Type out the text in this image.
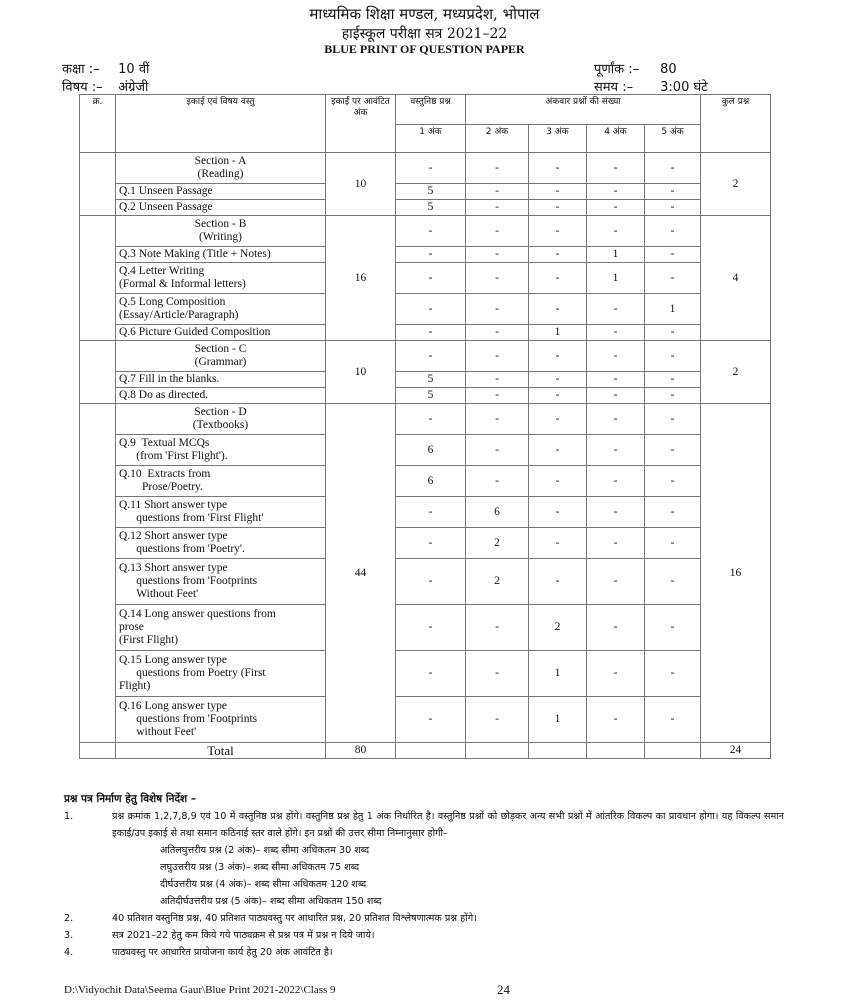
माध्यमिक शिक्षा मण्डल, मध्यप्रदेश, भोपाल
हाईस्कूल परीक्षा सत्र 2021–22
BLUE PRINT OF QUESTION PAPER
कक्षा :– 10 वीं
विषय :– अंग्रेजी
पूर्णांक :– 80
समय :– 3:00 घंटे
क्र.	इकाई एवं विषय वस्तु	इकाई पर आवंटित अंक	वस्तुनिष्ठ प्रश्न	अंकवार प्रश्नों की संख्या				कुल प्रश्न
			1 अंक	2 अंक	3 अंक	4 अंक	5 अंक	
	Section - A
(Reading)	10	-	-	-	-	-	2
	Q.1 Unseen Passage		5	-	-	-	-	
	Q.2 Unseen Passage		5	-	-	-	-	
	Section - B
(Writing)	16	-	-	-	-	-	4
	Q.3 Note Making (Title + Notes)		-	-	-	1	-	
	Q.4 Letter Writing
(Formal & Informal letters)		-	-	-	1	-	
	Q.5 Long Composition
(Essay/Article/Paragraph)		-	-	-	-	1	
	Q.6 Picture Guided Composition		-	-	1	-	-	
	Section - C
(Grammar)	10	-	-	-	-	-	2
	Q.7 Fill in the blanks.		5	-	-	-	-	
	Q.8 Do as directed.		5	-	-	-	-	
	Section - D
(Textbooks)	44	-	-	-	-	-	16
	Q.9  Textual MCQs
(from 'First Flight').		6	-	-	-	-	
	Q.10  Extracts from
Prose/Poetry.		6	-	-	-	-	
	Q.11 Short answer type
questions from 'First Flight'		-	6	-	-	-	
	Q.12 Short answer type
questions from 'Poetry'.		-	2	-	-	-	
	Q.13 Short answer type
questions from 'Footprints
Without Feet'		-	2	-	-	-	
	Q.14 Long answer questions from
prose
(First Flight)		-	-	2	-	-	
	Q.15 Long answer type
questions from Poetry (First
Flight)		-	-	1	-	-	
	Q.16 Long answer type
questions from 'Footprints
without Feet'		-	-	1	-	-	
	Total	80						24
प्रश्न पत्र निर्माण हेतु विशेष निर्देश –
1.	प्रश्न क्रमांक 1,2,7,8,9 एवं 10 में वस्तुनिष्ठ प्रश्न होंगे। वस्तुनिष्ठ प्रश्न हेतु 1 अंक निर्धारित है। वस्तुनिष्ठ प्रश्नों को छोड़कर अन्य सभी प्रश्नों में आंतरिक विकल्प का प्रावधान होगा। यह विकल्प समान इकाई/उप इकाई से तथा समान कठिनाई स्तर वाले होंगे। इन प्रश्नों की उत्तर सीमा निम्नानुसार होगी–
अतिलघुत्तरीय प्रश्न (2 अंक)– शब्द सीमा अधिकतम 30 शब्द
लघुउत्तरीय प्रश्न (3 अंक)– शब्द सीमा अधिकतम 75 शब्द
दीर्घउत्तरीय प्रश्न (4 अंक)– शब्द सीमा अधिकतम 120 शब्द
अतिदीर्घउत्तरीय प्रश्न (5 अंक)– शब्द सीमा अधिकतम 150 शब्द
2.	40 प्रतिशत वस्तुनिष्ठ प्रश्न, 40 प्रतिशत पाठ्यवस्तु पर आधारित प्रश्न, 20 प्रतिशत विश्लेषणात्मक प्रश्न होंगे।
3.	सत्र 2021–22 हेतु कम किये गये पाठ्यक्रम से प्रश्न पत्र में प्रश्न न दिये जाये।
4.	पाठ्यवस्तु पर आधारित प्रायोजना कार्य हेतु 20 अंक आवंटित है।
D:\Vidyochit Data\Seema Gaur\Blue Print 2021-2022\Class 9	24
